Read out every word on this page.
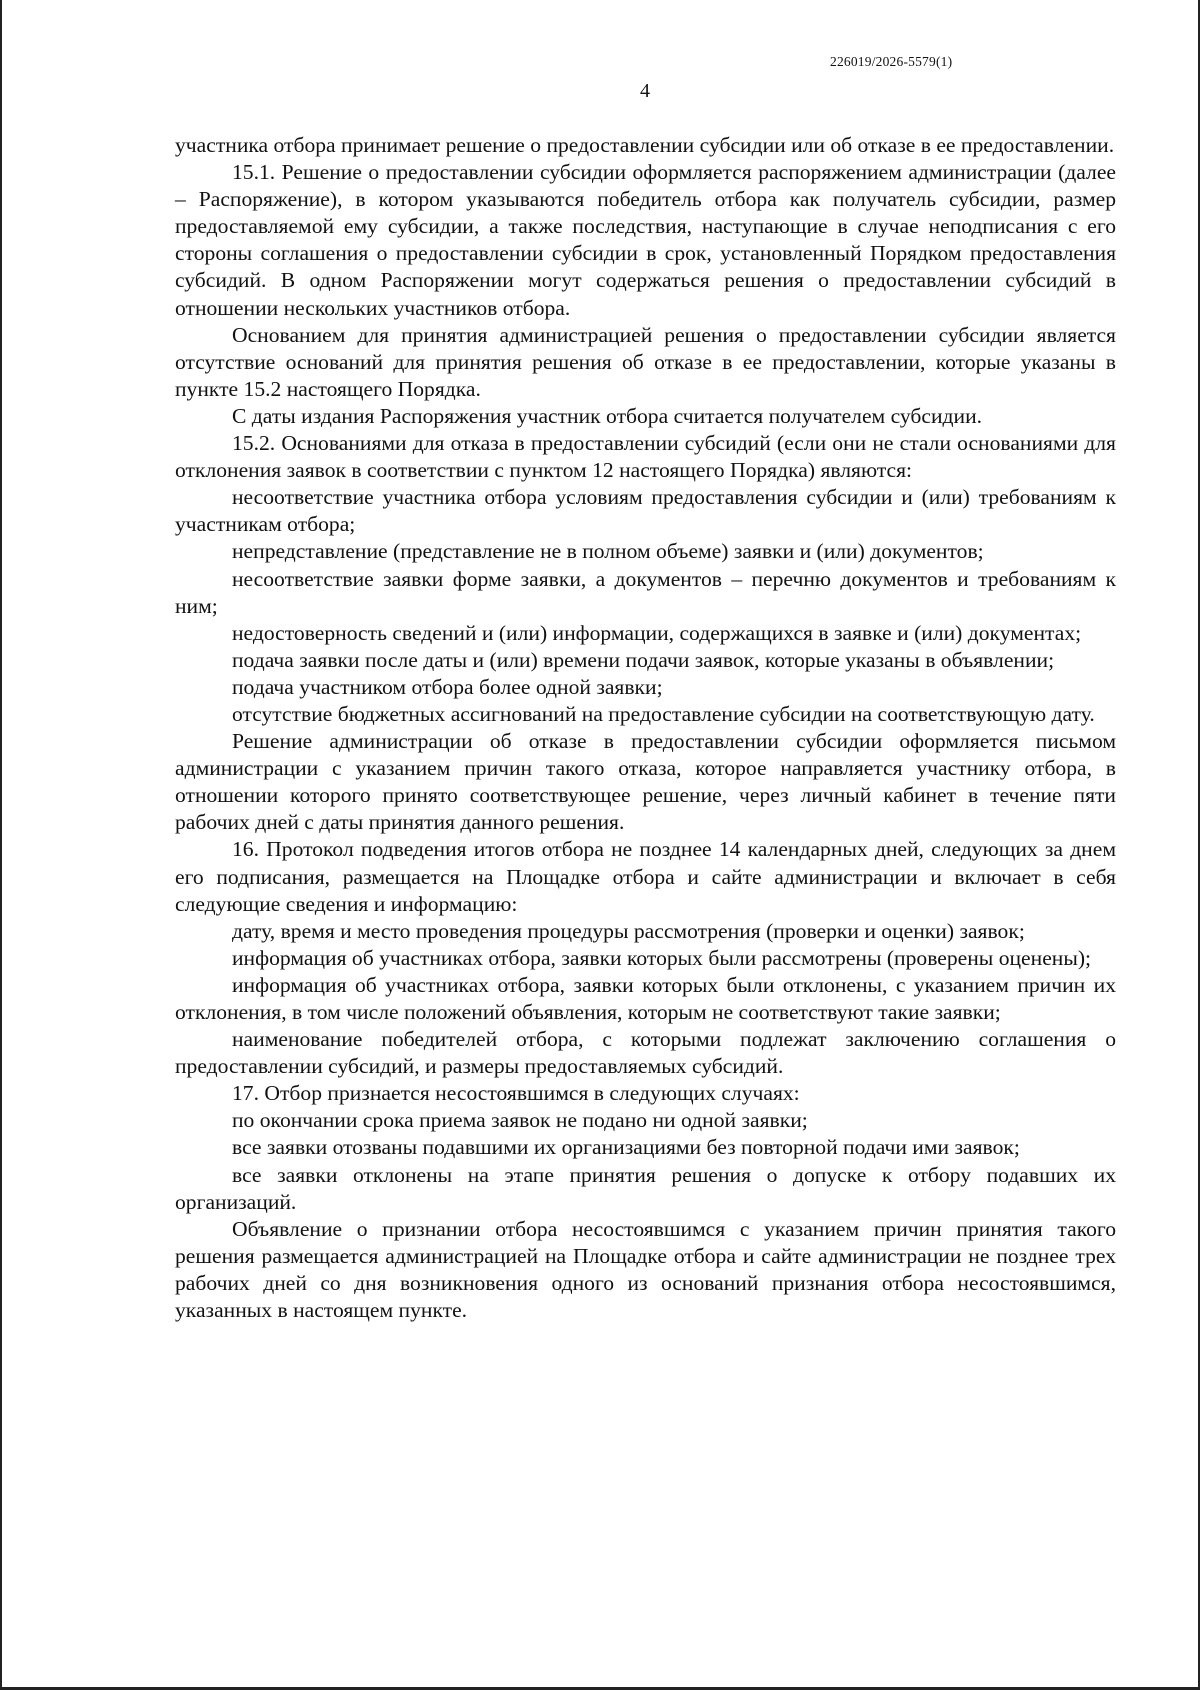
226019/2026-5579(1)
4

участника отбора принимает решение о предоставлении субсидии или об отказе в ее предоставлении.

15.1. Решение о предоставлении субсидии оформляется распоряжением администрации (далее – Распоряжение), в котором указываются победитель отбора как получатель субсидии, размер предоставляемой ему субсидии, а также последствия, наступающие в случае неподписания с его стороны соглашения о предоставлении субсидии в срок, установленный Порядком предоставления субсидий. В одном Распоряжении могут содержаться решения о предоставлении субсидий в отношении нескольких участников отбора.

Основанием для принятия администрацией решения о предоставлении субсидии является отсутствие оснований для принятия решения об отказе в ее предоставлении, которые указаны в пункте 15.2 настоящего Порядка.

С даты издания Распоряжения участник отбора считается получателем субсидии.

15.2. Основаниями для отказа в предоставлении субсидий (если они не стали основаниями для отклонения заявок в соответствии с пунктом 12 настоящего Порядка) являются:

несоответствие участника отбора условиям предоставления субсидии и (или) требованиям к участникам отбора;

непредставление (представление не в полном объеме) заявки и (или) документов;

несоответствие заявки форме заявки, а документов – перечню документов и требованиям к ним;

недостоверность сведений и (или) информации, содержащихся в заявке и (или) документах;

подача заявки после даты и (или) времени подачи заявок, которые указаны в объявлении;

подача участником отбора более одной заявки;

отсутствие бюджетных ассигнований на предоставление субсидии на соответствующую дату.

Решение администрации об отказе в предоставлении субсидии оформляется письмом администрации с указанием причин такого отказа, которое направляется участнику отбора, в отношении которого принято соответствующее решение, через личный кабинет в течение пяти рабочих дней с даты принятия данного решения.

16. Протокол подведения итогов отбора не позднее 14 календарных дней, следующих за днем его подписания, размещается на Площадке отбора и сайте администрации и включает в себя следующие сведения и информацию:

дату, время и место проведения процедуры рассмотрения (проверки и оценки) заявок;

информация об участниках отбора, заявки которых были рассмотрены (проверены оценены);

информация об участниках отбора, заявки которых были отклонены, с указанием причин их отклонения, в том числе положений объявления, которым не соответствуют такие заявки;

наименование победителей отбора, с которыми подлежат заключению соглашения о предоставлении субсидий, и размеры предоставляемых субсидий.

17. Отбор признается несостоявшимся в следующих случаях:

по окончании срока приема заявок не подано ни одной заявки;

все заявки отозваны подавшими их организациями без повторной подачи ими заявок;

все заявки отклонены на этапе принятия решения о допуске к отбору подавших их организаций.

Объявление о признании отбора несостоявшимся с указанием причин принятия такого решения размещается администрацией на Площадке отбора и сайте администрации не позднее трех рабочих дней со дня возникновения одного из оснований признания отбора несостоявшимся, указанных в настоящем пункте.
